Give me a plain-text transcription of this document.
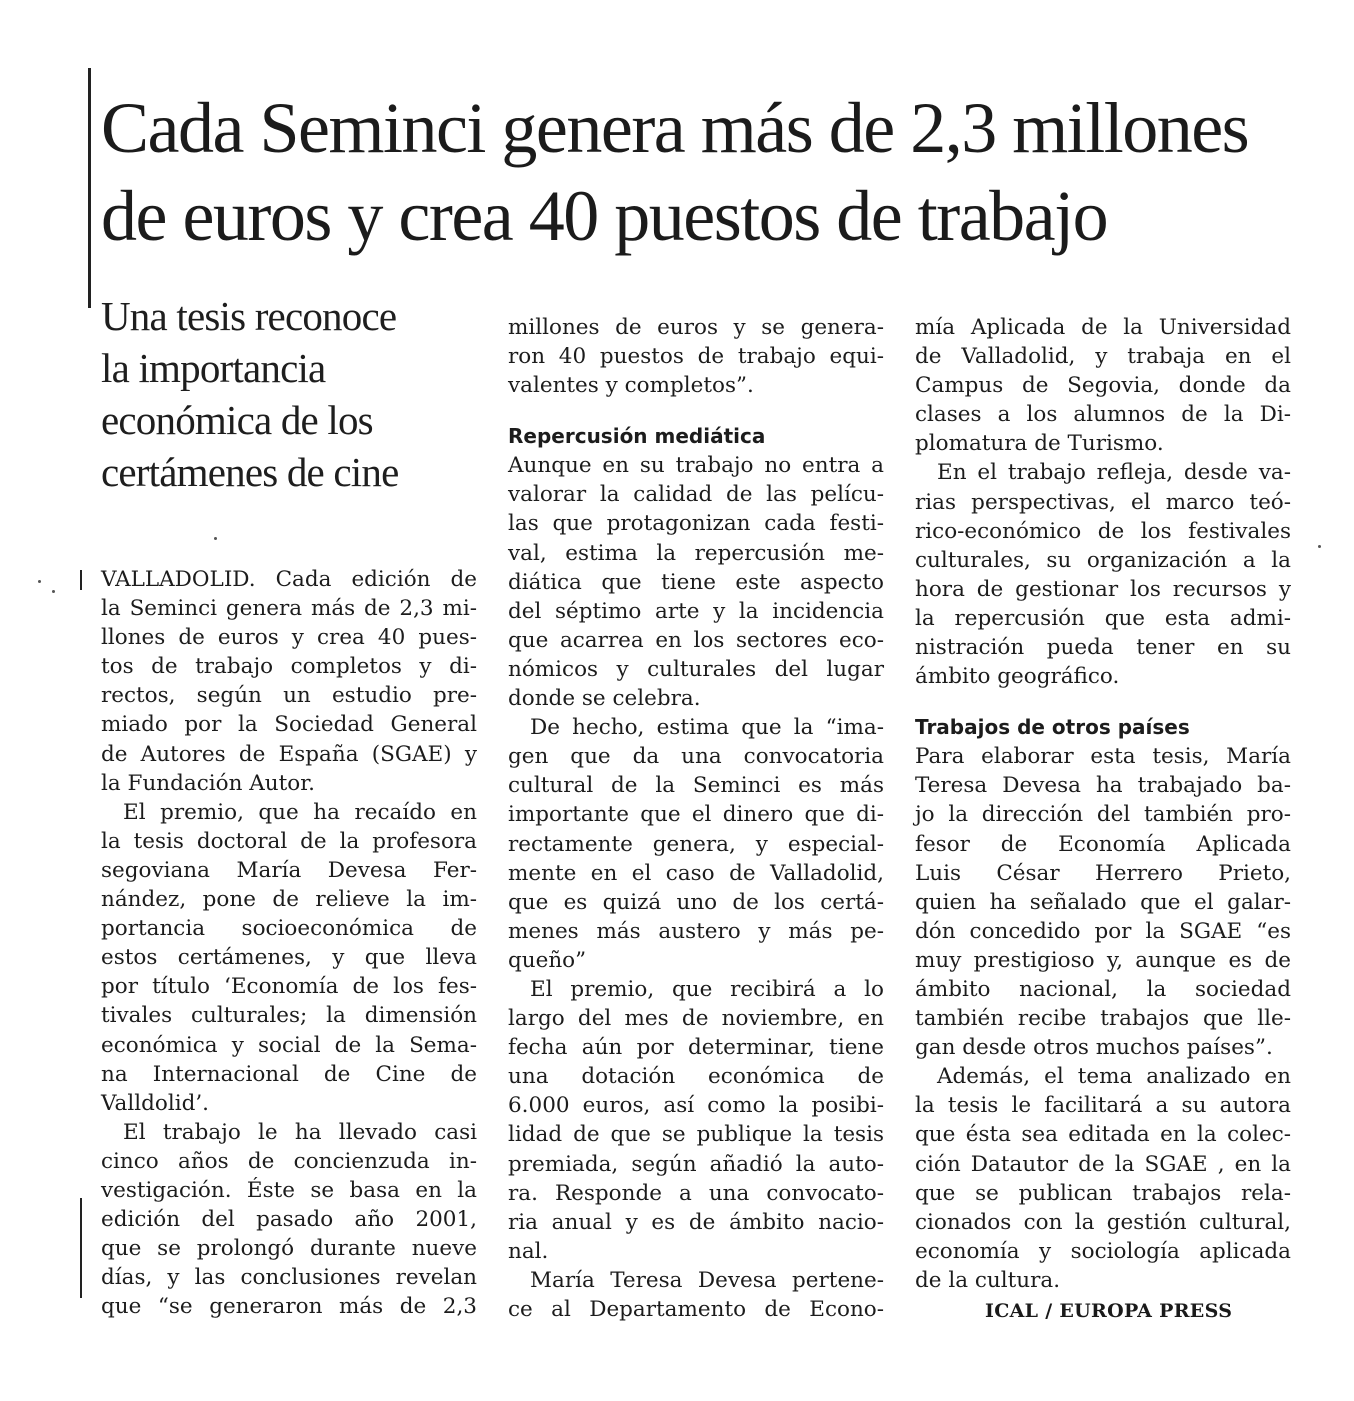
Cada Seminci genera más de 2,3 millones
de euros y crea 40 puestos de trabajo
Una tesis reconoce
la importancia
económica de los
certámenes de cine
VALLADOLID. Cada edición de
la Seminci genera más de 2,3 mi-
llones de euros y crea 40 pues-
tos de trabajo completos y di-
rectos, según un estudio pre-
miado por la Sociedad General
de Autores de España (SGAE) y
la Fundación Autor.
El premio, que ha recaído en
la tesis doctoral de la profesora
segoviana María Devesa Fer-
nández, pone de relieve la im-
portancia socioeconómica de
estos certámenes, y que lleva
por título ‘Economía de los fes-
tivales culturales; la dimensión
económica y social de la Sema-
na Internacional de Cine de
Valldolid’.
El trabajo le ha llevado casi
cinco años de concienzuda in-
vestigación. Éste se basa en la
edición del pasado año 2001,
que se prolongó durante nueve
días, y las conclusiones revelan
que “se generaron más de 2,3
millones de euros y se genera-
ron 40 puestos de trabajo equi-
valentes y completos”.
Repercusión mediática
Aunque en su trabajo no entra a
valorar la calidad de las pelícu-
las que protagonizan cada festi-
val, estima la repercusión me-
diática que tiene este aspecto
del séptimo arte y la incidencia
que acarrea en los sectores eco-
nómicos y culturales del lugar
donde se celebra.
De hecho, estima que la “ima-
gen que da una convocatoria
cultural de la Seminci es más
importante que el dinero que di-
rectamente genera, y especial-
mente en el caso de Valladolid,
que es quizá uno de los certá-
menes más austero y más pe-
queño”
El premio, que recibirá a lo
largo del mes de noviembre, en
fecha aún por determinar, tiene
una dotación económica de
6.000 euros, así como la posibi-
lidad de que se publique la tesis
premiada, según añadió la auto-
ra. Responde a una convocato-
ria anual y es de ámbito nacio-
nal.
María Teresa Devesa pertene-
ce al Departamento de Econo-
mía Aplicada de la Universidad
de Valladolid, y trabaja en el
Campus de Segovia, donde da
clases a los alumnos de la Di-
plomatura de Turismo.
En el trabajo refleja, desde va-
rias perspectivas, el marco teó-
rico-económico de los festivales
culturales, su organización a la
hora de gestionar los recursos y
la repercusión que esta admi-
nistración pueda tener en su
ámbito geográfico.
Trabajos de otros países
Para elaborar esta tesis, María
Teresa Devesa ha trabajado ba-
jo la dirección del también pro-
fesor de Economía Aplicada
Luis César Herrero Prieto,
quien ha señalado que el galar-
dón concedido por la SGAE “es
muy prestigioso y, aunque es de
ámbito nacional, la sociedad
también recibe trabajos que lle-
gan desde otros muchos países”.
Además, el tema analizado en
la tesis le facilitará a su autora
que ésta sea editada en la colec-
ción Datautor de la SGAE , en la
que se publican trabajos rela-
cionados con la gestión cultural,
economía y sociología aplicada
de la cultura.
ICAL / EUROPA PRESS
